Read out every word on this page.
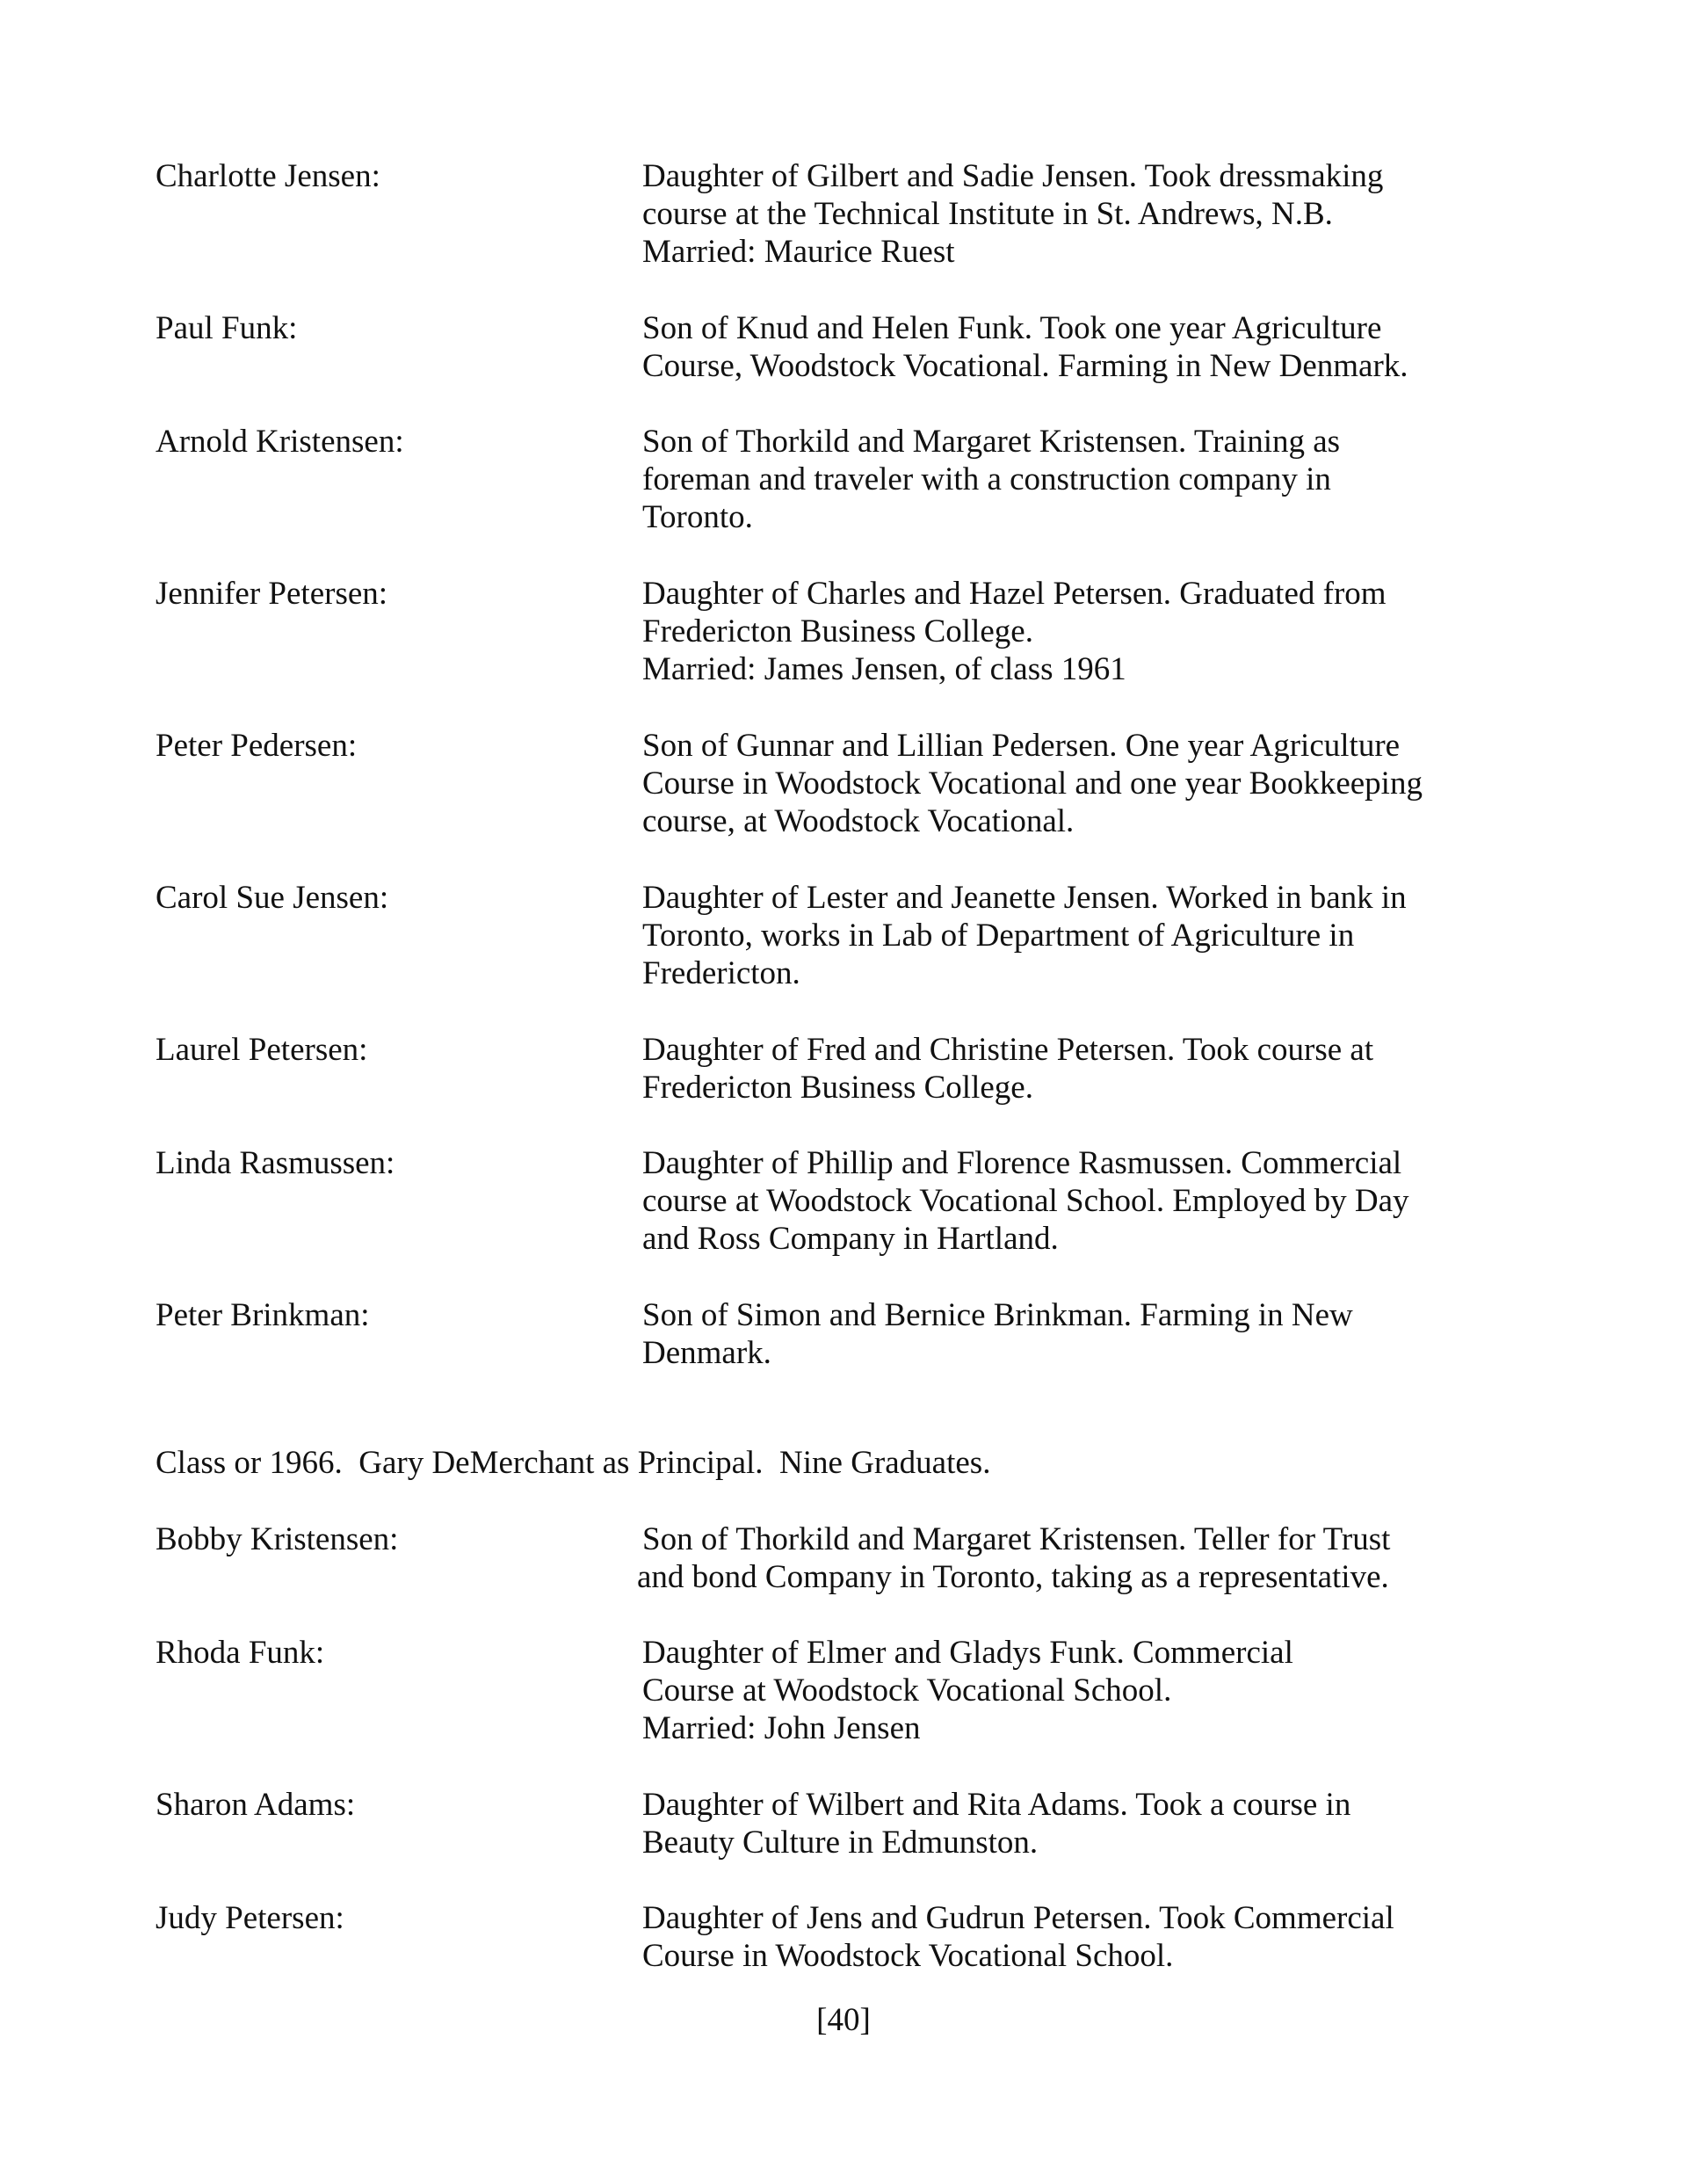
Charlotte Jensen:	Daughter of Gilbert and Sadie Jensen. Took dressmaking
course at the Technical Institute in St. Andrews, N.B.
Married: Maurice Ruest
Paul Funk:	Son of Knud and Helen Funk. Took one year Agriculture
Course, Woodstock Vocational. Farming in New Denmark.
Arnold Kristensen:	Son of Thorkild and Margaret Kristensen. Training as
foreman and traveler with a construction company in
Toronto.
Jennifer Petersen:	Daughter of Charles and Hazel Petersen. Graduated from
Fredericton Business College.
Married: James Jensen, of class 1961
Peter Pedersen:	Son of Gunnar and Lillian Pedersen. One year Agriculture
Course in Woodstock Vocational and one year Bookkeeping
course, at Woodstock Vocational.
Carol Sue Jensen:	Daughter of Lester and Jeanette Jensen. Worked in bank in
Toronto, works in Lab of Department of Agriculture in
Fredericton.
Laurel Petersen:	Daughter of Fred and Christine Petersen. Took course at
Fredericton Business College.
Linda Rasmussen:	Daughter of Phillip and Florence Rasmussen. Commercial
course at Woodstock Vocational School. Employed by Day
and Ross Company in Hartland.
Peter Brinkman:	Son of Simon and Bernice Brinkman. Farming in New
Denmark.
Class or 1966.  Gary DeMerchant as Principal.  Nine Graduates.
Bobby Kristensen:	Son of Thorkild and Margaret Kristensen. Teller for Trust
and bond Company in Toronto, taking as a representative.
Rhoda Funk:	Daughter of Elmer and Gladys Funk. Commercial
Course at Woodstock Vocational School.
Married: John Jensen
Sharon Adams:	Daughter of Wilbert and Rita Adams. Took a course in
Beauty Culture in Edmunston.
Judy Petersen:	Daughter of Jens and Gudrun Petersen. Took Commercial
Course in Woodstock Vocational School.
[40]
